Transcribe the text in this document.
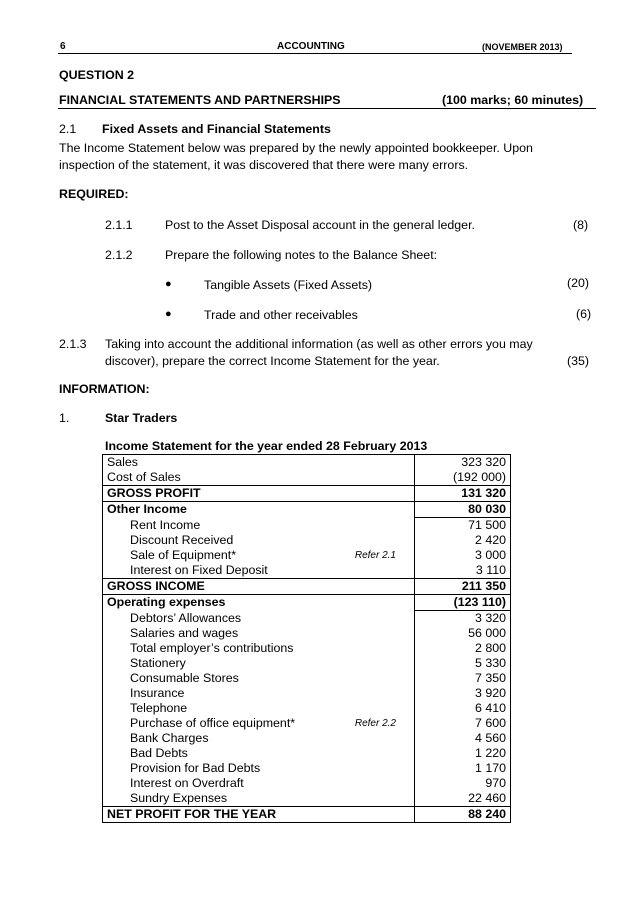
6	ACCOUNTING	(NOVEMBER 2013)
QUESTION 2
FINANCIAL STATEMENTS AND PARTNERSHIPS	(100 marks; 60 minutes)
2.1 Fixed Assets and Financial Statements
The Income Statement below was prepared by the newly appointed bookkeeper. Upon inspection of the statement, it was discovered that there were many errors.
REQUIRED:
2.1.1	Post to the Asset Disposal account in the general ledger.	(8)
2.1.2	Prepare the following notes to the Balance Sheet:
●	Tangible Assets (Fixed Assets)	(20)
●	Trade and other receivables	(6)
2.1.3 Taking into account the additional information (as well as other errors you may
discover), prepare the correct Income Statement for the year.	(35)
INFORMATION:
1.	Star Traders
Income Statement for the year ended 28 February 2013
Sales		323 320
Cost of Sales		(192 000)
GROSS PROFIT		131 320
Other Income		80 030
Rent Income		71 500
Discount Received		2 420
Sale of Equipment*	Refer 2.1	3 000
Interest on Fixed Deposit		3 110
GROSS INCOME		211 350
Operating expenses		(123 110)
Debtors’ Allowances		3 320
Salaries and wages		56 000
Total employer’s contributions		2 800
Stationery		5 330
Consumable Stores		7 350
Insurance		3 920
Telephone		6 410
Purchase of office equipment*	Refer 2.2	7 600
Bank Charges		4 560
Bad Debts		1 220
Provision for Bad Debts		1 170
Interest on Overdraft		970
Sundry Expenses		22 460
NET PROFIT FOR THE YEAR		88 240
